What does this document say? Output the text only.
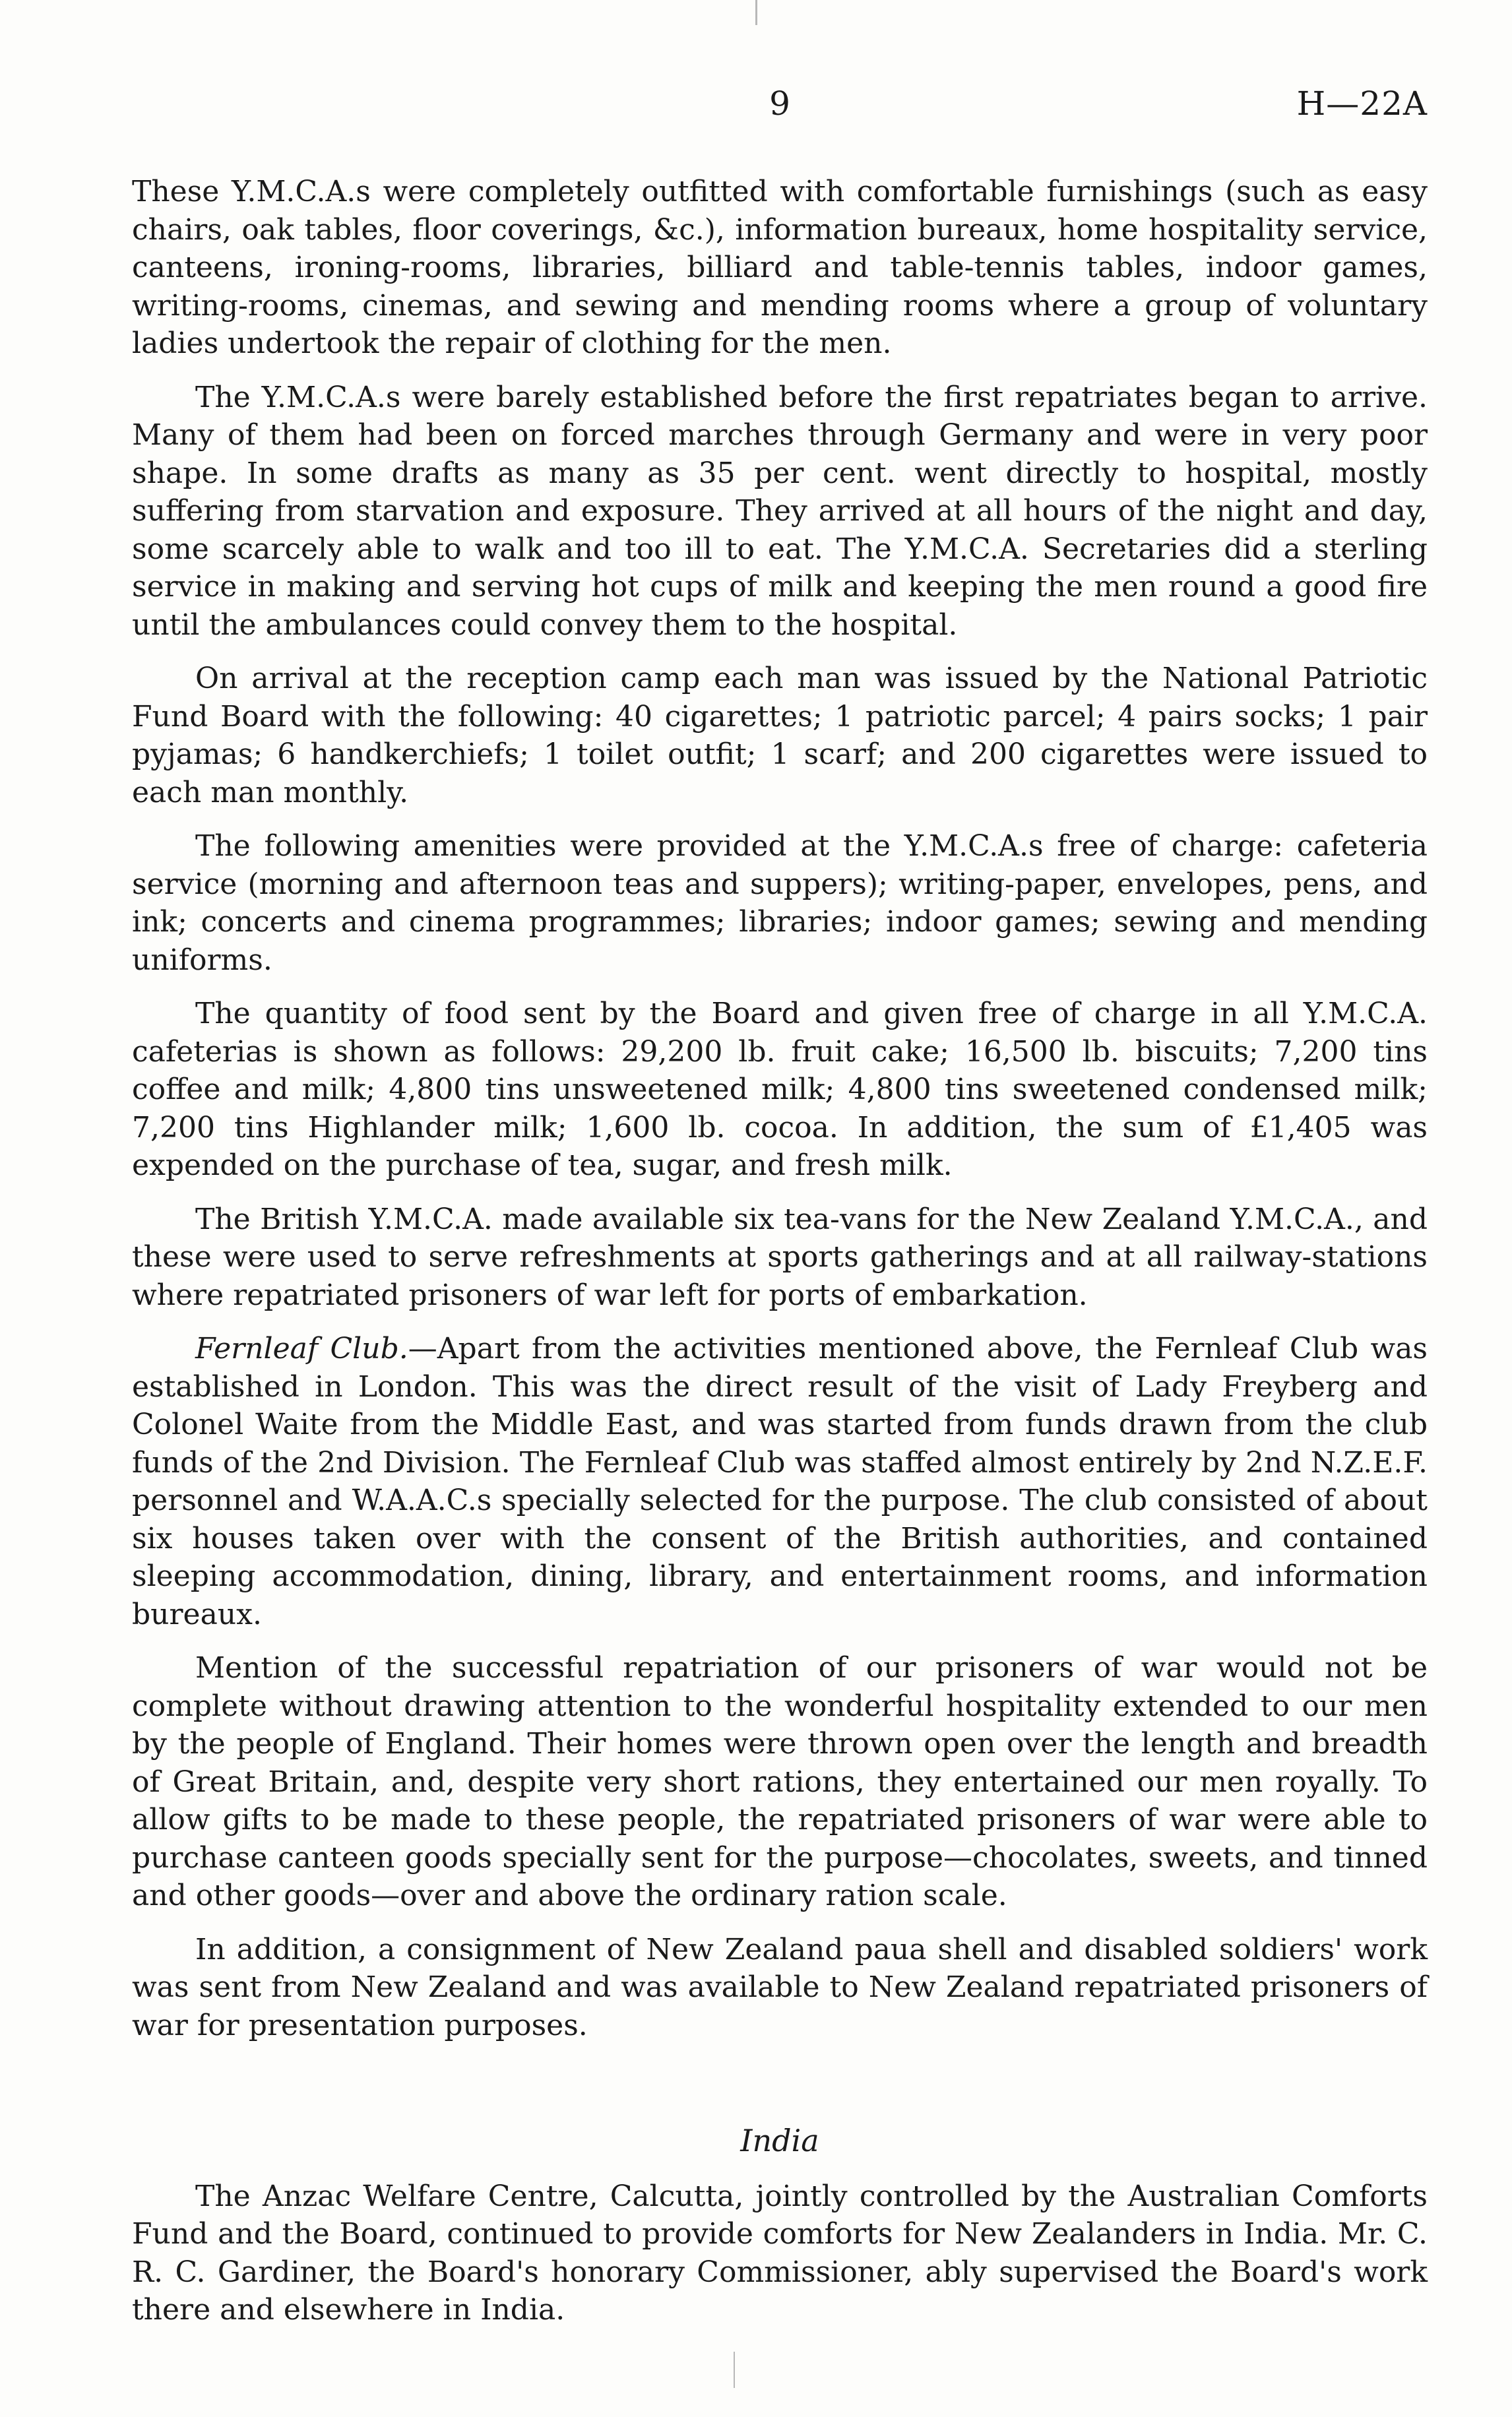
9	H—22A

These Y.M.C.A.s were completely outfitted with comfortable furnishings (such as easy chairs, oak tables, floor coverings, &c.), information bureaux, home hospitality service, canteens, ironing-rooms, libraries, billiard and table-tennis tables, indoor games, writing-rooms, cinemas, and sewing and mending rooms where a group of voluntary ladies undertook the repair of clothing for the men.

The Y.M.C.A.s were barely established before the first repatriates began to arrive. Many of them had been on forced marches through Germany and were in very poor shape. In some drafts as many as 35 per cent. went directly to hospital, mostly suffering from starvation and exposure. They arrived at all hours of the night and day, some scarcely able to walk and too ill to eat. The Y.M.C.A. Secretaries did a sterling service in making and serving hot cups of milk and keeping the men round a good fire until the ambulances could convey them to the hospital.

On arrival at the reception camp each man was issued by the National Patriotic Fund Board with the following: 40 cigarettes; 1 patriotic parcel; 4 pairs socks; 1 pair pyjamas; 6 handkerchiefs; 1 toilet outfit; 1 scarf; and 200 cigarettes were issued to each man monthly.

The following amenities were provided at the Y.M.C.A.s free of charge: cafeteria service (morning and afternoon teas and suppers); writing-paper, envelopes, pens, and ink; concerts and cinema programmes; libraries; indoor games; sewing and mending uniforms.

The quantity of food sent by the Board and given free of charge in all Y.M.C.A. cafeterias is shown as follows: 29,200 lb. fruit cake; 16,500 lb. biscuits; 7,200 tins coffee and milk; 4,800 tins unsweetened milk; 4,800 tins sweetened condensed milk; 7,200 tins Highlander milk; 1,600 lb. cocoa. In addition, the sum of £1,405 was expended on the purchase of tea, sugar, and fresh milk.

The British Y.M.C.A. made available six tea-vans for the New Zealand Y.M.C.A., and these were used to serve refreshments at sports gatherings and at all railway-stations where repatriated prisoners of war left for ports of embarkation.

Fernleaf Club.—Apart from the activities mentioned above, the Fernleaf Club was established in London. This was the direct result of the visit of Lady Freyberg and Colonel Waite from the Middle East, and was started from funds drawn from the club funds of the 2nd Division. The Fernleaf Club was staffed almost entirely by 2nd N.Z.E.F. personnel and W.A.A.C.s specially selected for the purpose. The club consisted of about six houses taken over with the consent of the British authorities, and contained sleeping accommodation, dining, library, and entertainment rooms, and information bureaux.

Mention of the successful repatriation of our prisoners of war would not be complete without drawing attention to the wonderful hospitality extended to our men by the people of England. Their homes were thrown open over the length and breadth of Great Britain, and, despite very short rations, they entertained our men royally. To allow gifts to be made to these people, the repatriated prisoners of war were able to purchase canteen goods specially sent for the purpose—chocolates, sweets, and tinned and other goods—over and above the ordinary ration scale.

In addition, a consignment of New Zealand paua shell and disabled soldiers' work was sent from New Zealand and was available to New Zealand repatriated prisoners of war for presentation purposes.

India

The Anzac Welfare Centre, Calcutta, jointly controlled by the Australian Comforts Fund and the Board, continued to provide comforts for New Zealanders in India. Mr. C. R. C. Gardiner, the Board's honorary Commissioner, ably supervised the Board's work there and elsewhere in India.
